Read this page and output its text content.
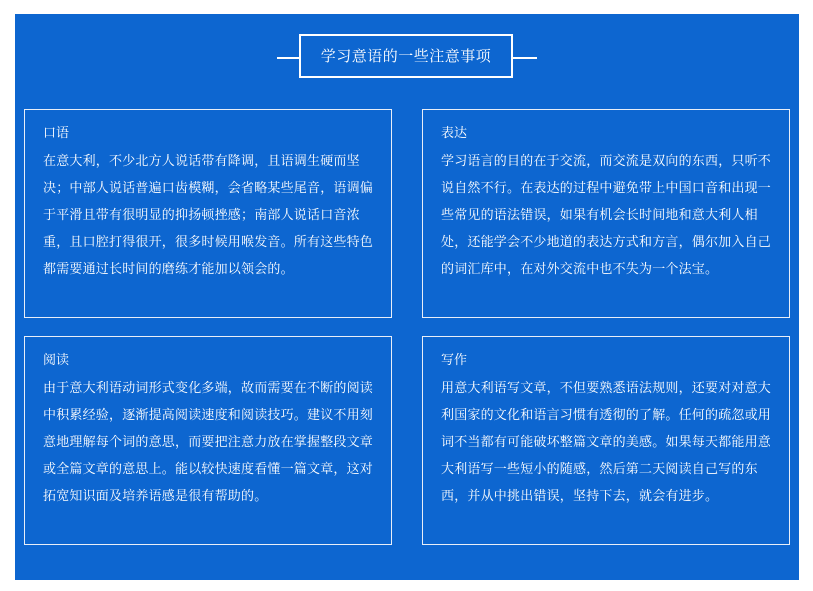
学习意语的一些注意事项
口语
在意大利，不少北方人说话带有降调，且语调生硬而坚决；中部人说话普遍口齿模糊，会省略某些尾音，语调偏于平滑且带有很明显的抑扬顿挫感；南部人说话口音浓重，且口腔打得很开，很多时候用喉发音。所有这些特色都需要通过长时间的磨练才能加以领会的。
表达
学习语言的目的在于交流，而交流是双向的东西，只听不说自然不行。在表达的过程中避免带上中国口音和出现一些常见的语法错误，如果有机会长时间地和意大利人相处，还能学会不少地道的表达方式和方言，偶尔加入自己的词汇库中，在对外交流中也不失为一个法宝。
阅读
由于意大利语动词形式变化多端，故而需要在不断的阅读中积累经验，逐渐提高阅读速度和阅读技巧。建议不用刻意地理解每个词的意思，而要把注意力放在掌握整段文章或全篇文章的意思上。能以较快速度看懂一篇文章，这对拓宽知识面及培养语感是很有帮助的。
写作
用意大利语写文章，不但要熟悉语法规则，还要对对意大利国家的文化和语言习惯有透彻的了解。任何的疏忽或用词不当都有可能破坏整篇文章的美感。如果每天都能用意大利语写一些短小的随感，然后第二天阅读自己写的东西，并从中挑出错误，坚持下去，就会有进步。
